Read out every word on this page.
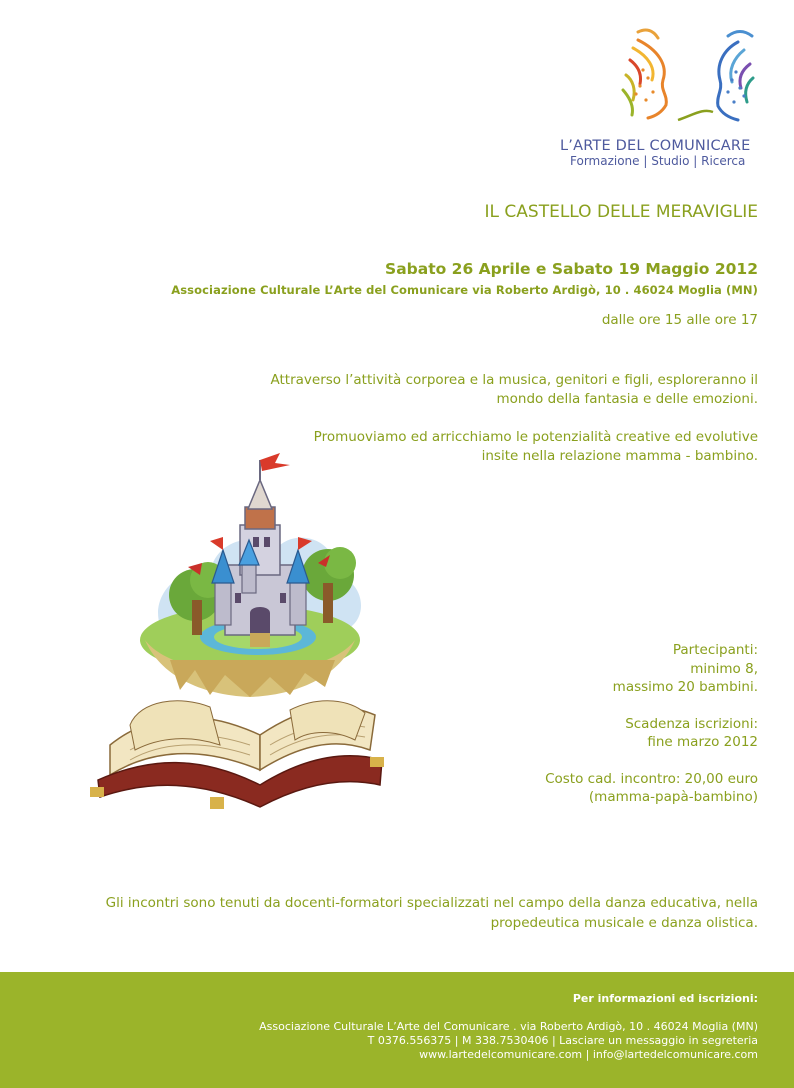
L’ARTE DEL COMUNICARE
Formazione | Studio | Ricerca
IL CASTELLO DELLE MERAVIGLIE
Sabato 26 Aprile e Sabato 19 Maggio 2012
Associazione Culturale L’Arte del Comunicare via Roberto Ardigò, 10 . 46024 Moglia (MN)
dalle ore 15 alle ore 17
Attraverso l’attività corporea e la musica, genitori e figli, esploreranno il
mondo della fantasia e delle emozioni.
Promuoviamo ed arricchiamo le potenzialità creative ed evolutive
insite nella relazione mamma - bambino.
Partecipanti:
minimo 8,
massimo 20 bambini.
Scadenza iscrizioni:
fine marzo 2012
Costo cad. incontro: 20,00 euro
(mamma-papà-bambino)
Gli incontri sono tenuti da docenti-formatori specializzati nel campo della danza educativa, nella
propedeutica musicale e danza olistica.
Per informazioni ed iscrizioni:
Associazione Culturale L’Arte del Comunicare . via Roberto Ardigò, 10 . 46024 Moglia (MN)
T 0376.556375 | M 338.7530406 | Lasciare un messaggio in segreteria
www.lartedelcomunicare.com | info@lartedelcomunicare.com
